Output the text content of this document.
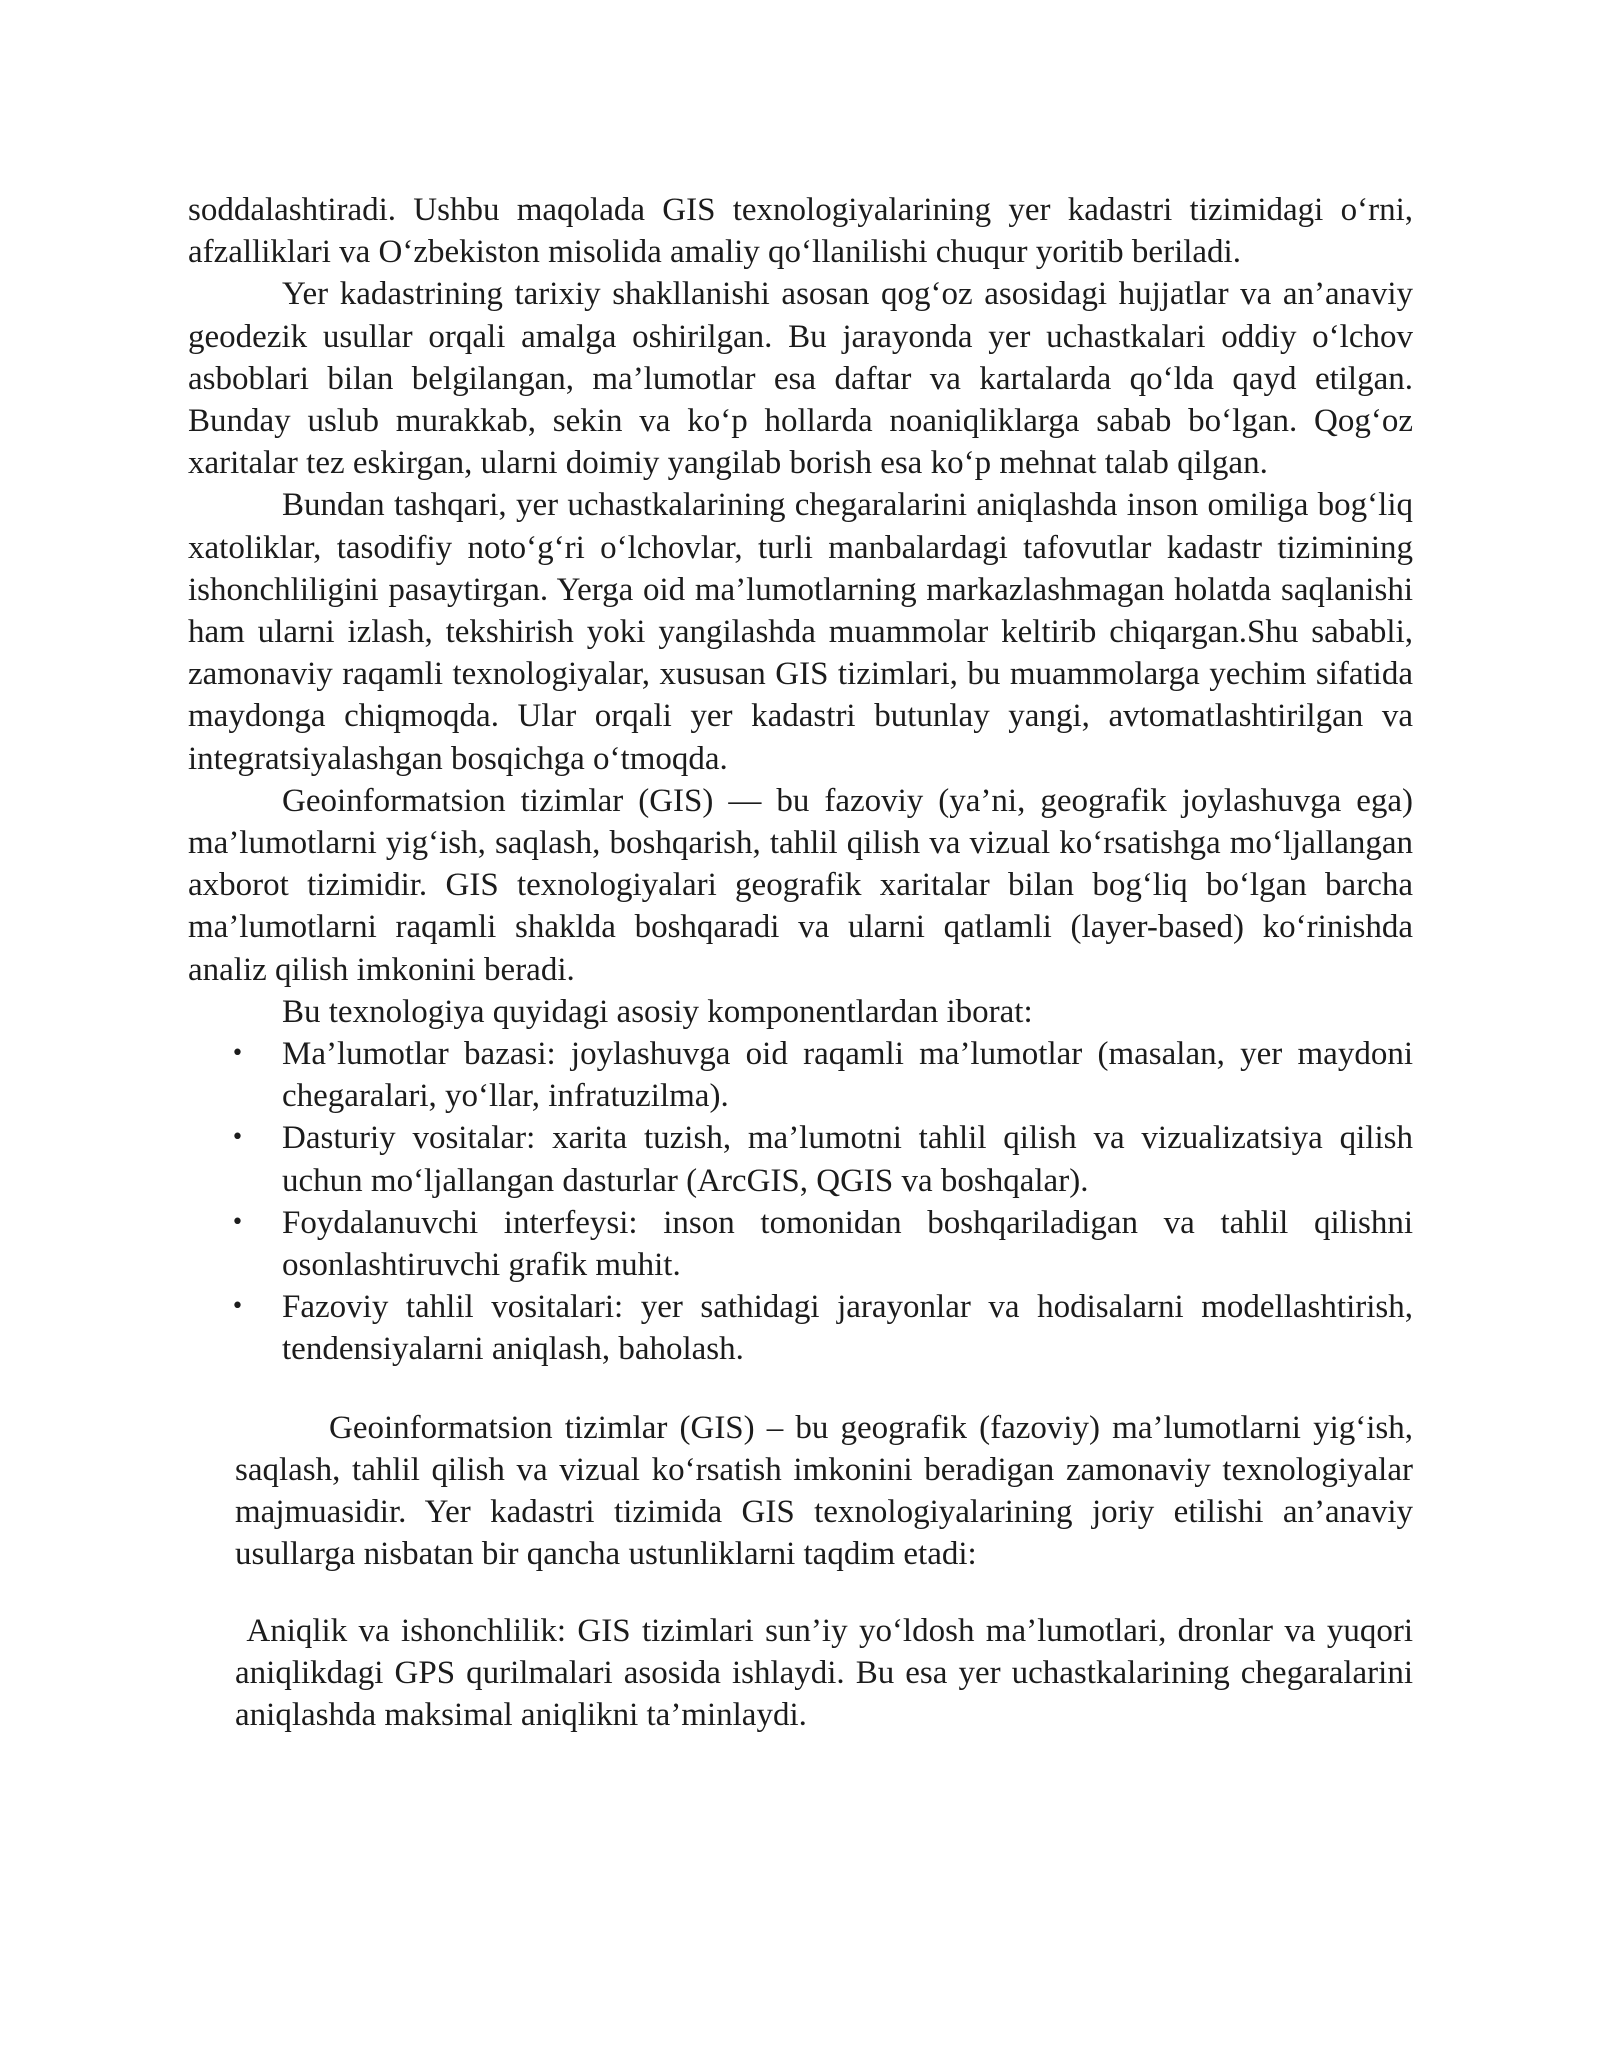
soddalashtiradi. Ushbu maqolada GIS texnologiyalarining yer kadastri tizimidagi o‘rni, afzalliklari va O‘zbekiston misolida amaliy qo‘llanilishi chuqur yoritib beriladi.

Yer kadastrining tarixiy shakllanishi asosan qog‘oz asosidagi hujjatlar va an’anaviy geodezik usullar orqali amalga oshirilgan. Bu jarayonda yer uchastkalari oddiy o‘lchov asboblari bilan belgilangan, ma’lumotlar esa daftar va kartalarda qo‘lda qayd etilgan. Bunday uslub murakkab, sekin va ko‘p hollarda noaniqliklarga sabab bo‘lgan. Qog‘oz xaritalar tez eskirgan, ularni doimiy yangilab borish esa ko‘p mehnat talab qilgan.

Bundan tashqari, yer uchastkalarining chegaralarini aniqlashda inson omiliga bog‘liq xatoliklar, tasodifiy noto‘g‘ri o‘lchovlar, turli manbalardagi tafovutlar kadastr tizimining ishonchliligini pasaytirgan. Yerga oid ma’lumotlarning markazlashmagan holatda saqlanishi ham ularni izlash, tekshirish yoki yangilashda muammolar keltirib chiqargan.Shu sababli, zamonaviy raqamli texnologiyalar, xususan GIS tizimlari, bu muammolarga yechim sifatida maydonga chiqmoqda. Ular orqali yer kadastri butunlay yangi, avtomatlashtirilgan va integratsiyalashgan bosqichga o‘tmoqda.

Geoinformatsion tizimlar (GIS) — bu fazoviy (ya’ni, geografik joylashuvga ega) ma’lumotlarni yig‘ish, saqlash, boshqarish, tahlil qilish va vizual ko‘rsatishga mo‘ljallangan axborot tizimidir. GIS texnologiyalari geografik xaritalar bilan bog‘liq bo‘lgan barcha ma’lumotlarni raqamli shaklda boshqaradi va ularni qatlamli (layer-based) ko‘rinishda analiz qilish imkonini beradi.

Bu texnologiya quyidagi asosiy komponentlardan iborat:

• Ma’lumotlar bazasi: joylashuvga oid raqamli ma’lumotlar (masalan, yer maydoni chegaralari, yo‘llar, infratuzilma).
• Dasturiy vositalar: xarita tuzish, ma’lumotni tahlil qilish va vizualizatsiya qilish uchun mo‘ljallangan dasturlar (ArcGIS, QGIS va boshqalar).
• Foydalanuvchi interfeysi: inson tomonidan boshqariladigan va tahlil qilishni osonlashtiruvchi grafik muhit.
• Fazoviy tahlil vositalari: yer sathidagi jarayonlar va hodisalarni modellashtirish, tendensiyalarni aniqlash, baholash.

Geoinformatsion tizimlar (GIS) – bu geografik (fazoviy) ma’lumotlarni yig‘ish, saqlash, tahlil qilish va vizual ko‘rsatish imkonini beradigan zamonaviy texnologiyalar majmuasidir. Yer kadastri tizimida GIS texnologiyalarining joriy etilishi an’anaviy usullarga nisbatan bir qancha ustunliklarni taqdim etadi:

Aniqlik va ishonchlilik: GIS tizimlari sun’iy yo‘ldosh ma’lumotlari, dronlar va yuqori aniqlikdagi GPS qurilmalari asosida ishlaydi. Bu esa yer uchastkalarining chegaralarini aniqlashda maksimal aniqlikni ta’minlaydi.
